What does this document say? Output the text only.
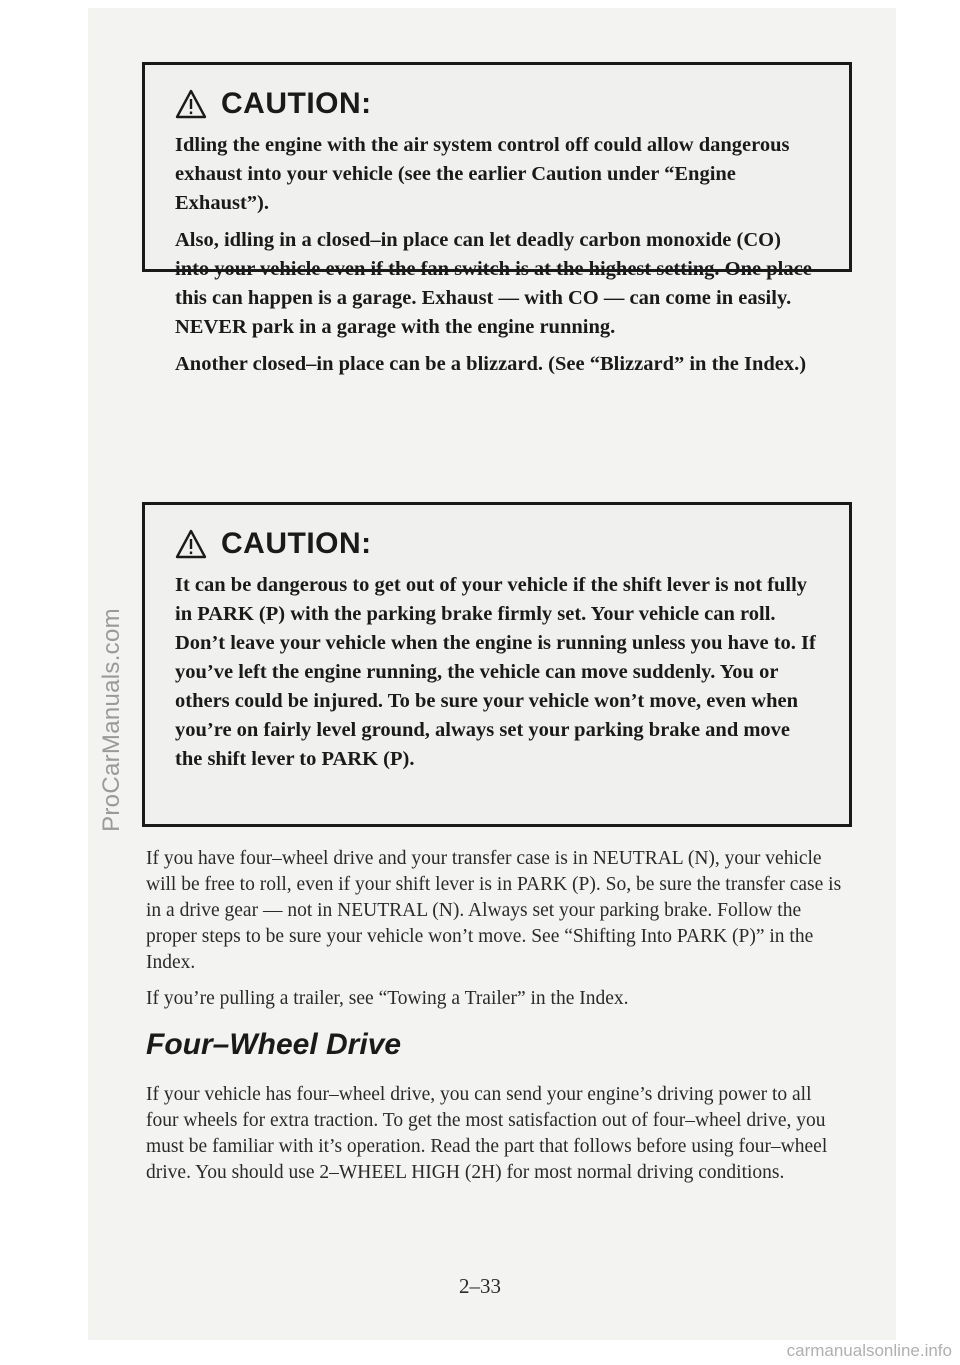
ProCarManuals.com
CAUTION:

Idling the engine with the air system control off could allow dangerous exhaust into your vehicle (see the earlier Caution under “Engine Exhaust”).

Also, idling in a closed–in place can let deadly carbon monoxide (CO) into your vehicle even if the fan switch is at the highest setting. One place this can happen is a garage. Exhaust — with CO — can come in easily. NEVER park in a garage with the engine running.

Another closed–in place can be a blizzard. (See “Blizzard” in the Index.)

CAUTION:

It can be dangerous to get out of your vehicle if the shift lever is not fully in PARK (P) with the parking brake firmly set. Your vehicle can roll. Don’t leave your vehicle when the engine is running unless you have to. If you’ve left the engine running, the vehicle can move suddenly. You or others could be injured. To be sure your vehicle won’t move, even when you’re on fairly level ground, always set your parking brake and move the shift lever to PARK (P).

If you have four–wheel drive and your transfer case is in NEUTRAL (N), your vehicle will be free to roll, even if your shift lever is in PARK (P). So, be sure the transfer case is in a drive gear — not in NEUTRAL (N). Always set your parking brake. Follow the proper steps to be sure your vehicle won’t move. See “Shifting Into PARK (P)” in the Index.

If you’re pulling a trailer, see “Towing a Trailer” in the Index.

Four–Wheel Drive

If your vehicle has four–wheel drive, you can send your engine’s driving power to all four wheels for extra traction. To get the most satisfaction out of four–wheel drive, you must be familiar with it’s operation. Read the part that follows before using four–wheel drive. You should use 2–WHEEL HIGH (2H) for most normal driving conditions.

2–33
carmanualsonline.info
